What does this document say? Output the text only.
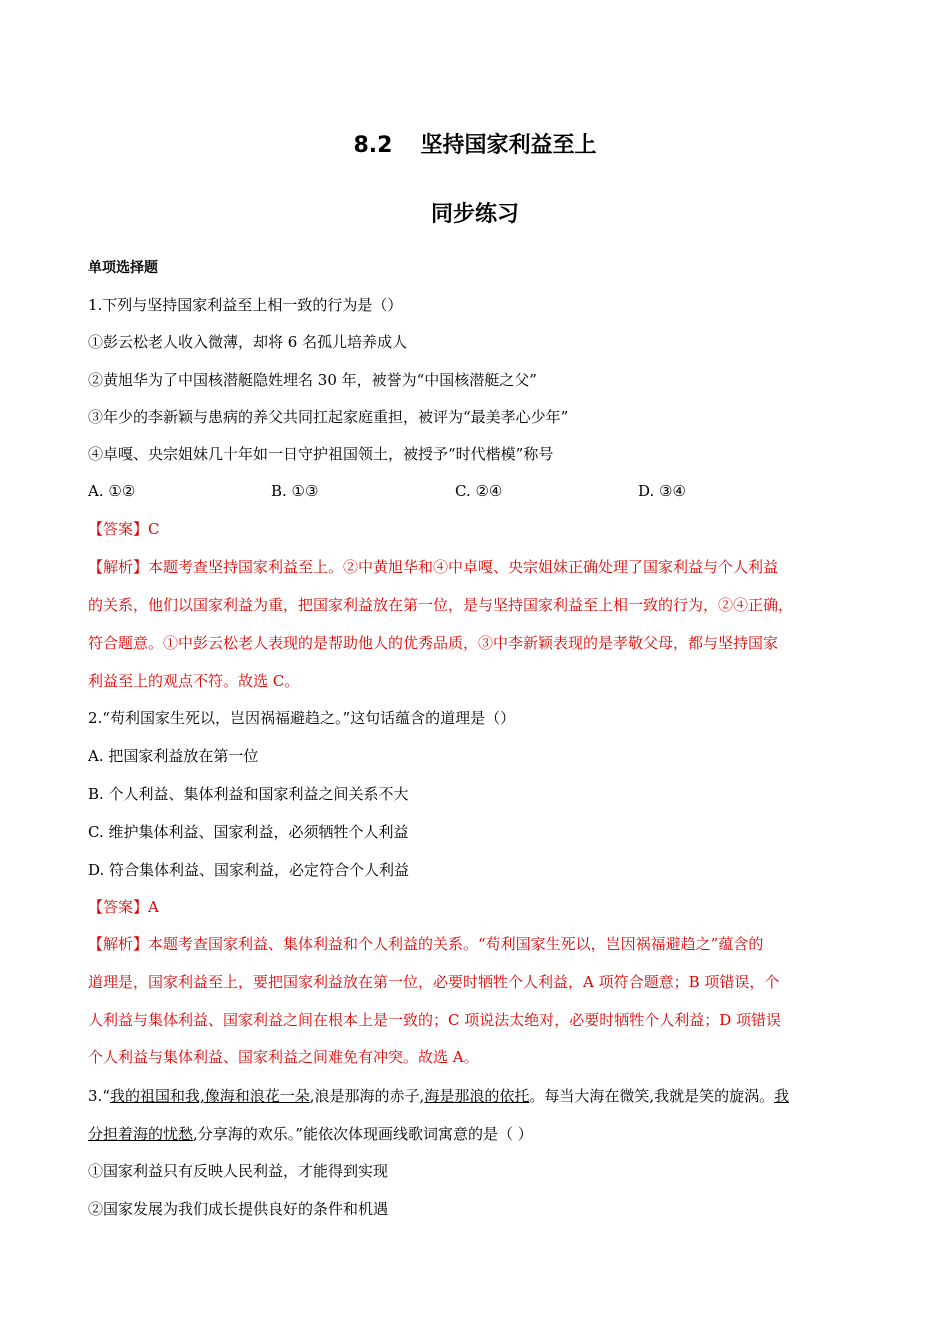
8.2 坚持国家利益至上
同步练习
单项选择题
1.下列与坚持国家利益至上相一致的行为是（）
①彭云松老人收入微薄，却将 6 名孤儿培养成人
②黄旭华为了中国核潜艇隐姓埋名 30 年，被誉为“中国核潜艇之父”
③年少的李新颖与患病的养父共同扛起家庭重担，被评为“最美孝心少年”
④卓嘎、央宗姐妹几十年如一日守护祖国领土，被授予“时代楷模”称号
A. ①②	B. ①③	C. ②④	D. ③④
【答案】C
【解析】本题考查坚持国家利益至上。②中黄旭华和④中卓嘎、央宗姐妹正确处理了国家利益与个人利益
的关系，他们以国家利益为重，把国家利益放在第一位，是与坚持国家利益至上相一致的行为，②④正确，
符合题意。①中彭云松老人表现的是帮助他人的优秀品质，③中李新颖表现的是孝敬父母，都与坚持国家
利益至上的观点不符。故选 C。
2.“苟利国家生死以，岂因祸福避趋之。”这句话蕴含的道理是（）
A. 把国家利益放在第一位
B. 个人利益、集体利益和国家利益之间关系不大
C. 维护集体利益、国家利益，必须牺牲个人利益
D. 符合集体利益、国家利益，必定符合个人利益
【答案】A
【解析】本题考查国家利益、集体利益和个人利益的关系。“苟利国家生死以，岂因祸福避趋之”蕴含的
道理是，国家利益至上，要把国家利益放在第一位，必要时牺牲个人利益，A 项符合题意；B 项错误，个
人利益与集体利益、国家利益之间在根本上是一致的；C 项说法太绝对，必要时牺牲个人利益；D 项错误
个人利益与集体利益、国家利益之间难免有冲突。故选 A。
3.“我的祖国和我,像海和浪花一朵,浪是那海的赤子,海是那浪的依托。每当大海在微笑,我就是笑的旋涡。我
分担着海的忧愁,分享海的欢乐。”能依次体现画线歌词寓意的是（ ）
①国家利益只有反映人民利益，才能得到实现
②国家发展为我们成长提供良好的条件和机遇
